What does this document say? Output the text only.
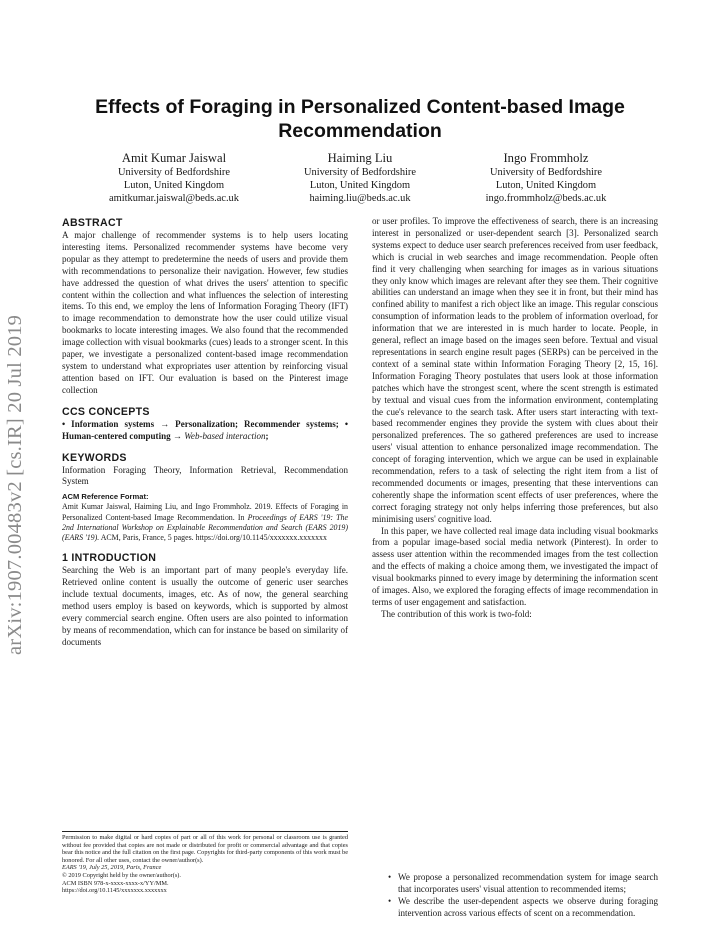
arXiv:1907.00483v2 [cs.IR] 20 Jul 2019
Effects of Foraging in Personalized Content-based Image Recommendation
Amit Kumar Jaiswal
University of Bedfordshire
Luton, United Kingdom
amitkumar.jaiswal@beds.ac.uk
Haiming Liu
University of Bedfordshire
Luton, United Kingdom
haiming.liu@beds.ac.uk
Ingo Frommholz
University of Bedfordshire
Luton, United Kingdom
ingo.frommholz@beds.ac.uk
ABSTRACT

A major challenge of recommender systems is to help users locating interesting items. Personalized recommender systems have become very popular as they attempt to predetermine the needs of users and provide them with recommendations to personalize their navigation. However, few studies have addressed the question of what drives the users' attention to specific content within the collection and what influences the selection of interesting items. To this end, we employ the lens of Information Foraging Theory (IFT) to image recommendation to demonstrate how the user could utilize visual bookmarks to locate interesting images. We also found that the recommended image collection with visual bookmarks (cues) leads to a stronger scent. In this paper, we investigate a personalized content-based image recommendation system to understand what expropriates user attention by reinforcing visual attention based on IFT. Our evaluation is based on the Pinterest image collection

CCS CONCEPTS

• Information systems → Personalization; Recommender systems; • Human-centered computing → Web-based interaction;

KEYWORDS

Information Foraging Theory, Information Retrieval, Recommendation System

ACM Reference Format:

Amit Kumar Jaiswal, Haiming Liu, and Ingo Frommholz. 2019. Effects of Foraging in Personalized Content-based Image Recommendation. In Proceedings of EARS '19: The 2nd International Workshop on Explainable Recommendation and Search (EARS 2019) (EARS '19). ACM, Paris, France, 5 pages. https://doi.org/10.1145/xxxxxxx.xxxxxxx

1 INTRODUCTION

Searching the Web is an important part of many people's everyday life. Retrieved online content is usually the outcome of generic user searches include textual documents, images, etc. As of now, the general searching method users employ is based on keywords, which is supported by almost every commercial search engine. Often users are also pointed to information by means of recommendation, which can for instance be based on similarity of documents

Permission to make digital or hard copies of part or all of this work for personal or classroom use is granted without fee provided that copies are not made or distributed for profit or commercial advantage and that copies bear this notice and the full citation on the first page. Copyrights for third-party components of this work must be honored. For all other uses, contact the owner/author(s).

EARS '19, July 25, 2019, Paris, France

© 2019 Copyright held by the owner/author(s).

ACM ISBN 978-x-xxxx-xxxx-x/YY/MM.

https://doi.org/10.1145/xxxxxxx.xxxxxxx

or user profiles. To improve the effectiveness of search, there is an increasing interest in personalized or user-dependent search [3]. Personalized search systems expect to deduce user search preferences received from user feedback, which is crucial in web searches and image recommendation. People often find it very challenging when searching for images as in various situations they only know which images are relevant after they see them. Their cognitive abilities can understand an image when they see it in front, but their mind has confined ability to manifest a rich object like an image. This regular conscious consumption of information leads to the problem of information overload, for information that we are interested in is much harder to locate. People, in general, reflect an image based on the images seen before. Textual and visual representations in search engine result pages (SERPs) can be perceived in the context of a seminal state within Information Foraging Theory [2, 15, 16]. Information Foraging Theory postulates that users look at those information patches which have the strongest scent, where the scent strength is estimated by textual and visual cues from the information environment, contemplating the cue's relevance to the search task. After users start interacting with text-based recommender engines they provide the system with clues about their personalized preferences. The so gathered preferences are used to increase users' visual attention to enhance personalized image recommendation. The concept of foraging intervention, which we argue can be used in explainable recommendation, refers to a task of selecting the right item from a list of recommended documents or images, presenting that these interventions can coherently shape the information scent effects of user preferences, where the correct foraging strategy not only helps inferring those preferences, but also minimising users' cognitive load.

In this paper, we have collected real image data including visual bookmarks from a popular image-based social media network (Pinterest). In order to assess user attention within the recommended images from the test collection and the effects of making a choice among them, we investigated the impact of visual bookmarks pinned to every image by determining the information scent of images. Also, we explored the foraging effects of image recommendation in terms of user engagement and satisfaction.

The contribution of this work is two-fold:

• We propose a personalized recommendation system for image search that incorporates users' visual attention to recommended items;
• We describe the user-dependent aspects we observe during foraging intervention across various effects of scent on a recommendation.
